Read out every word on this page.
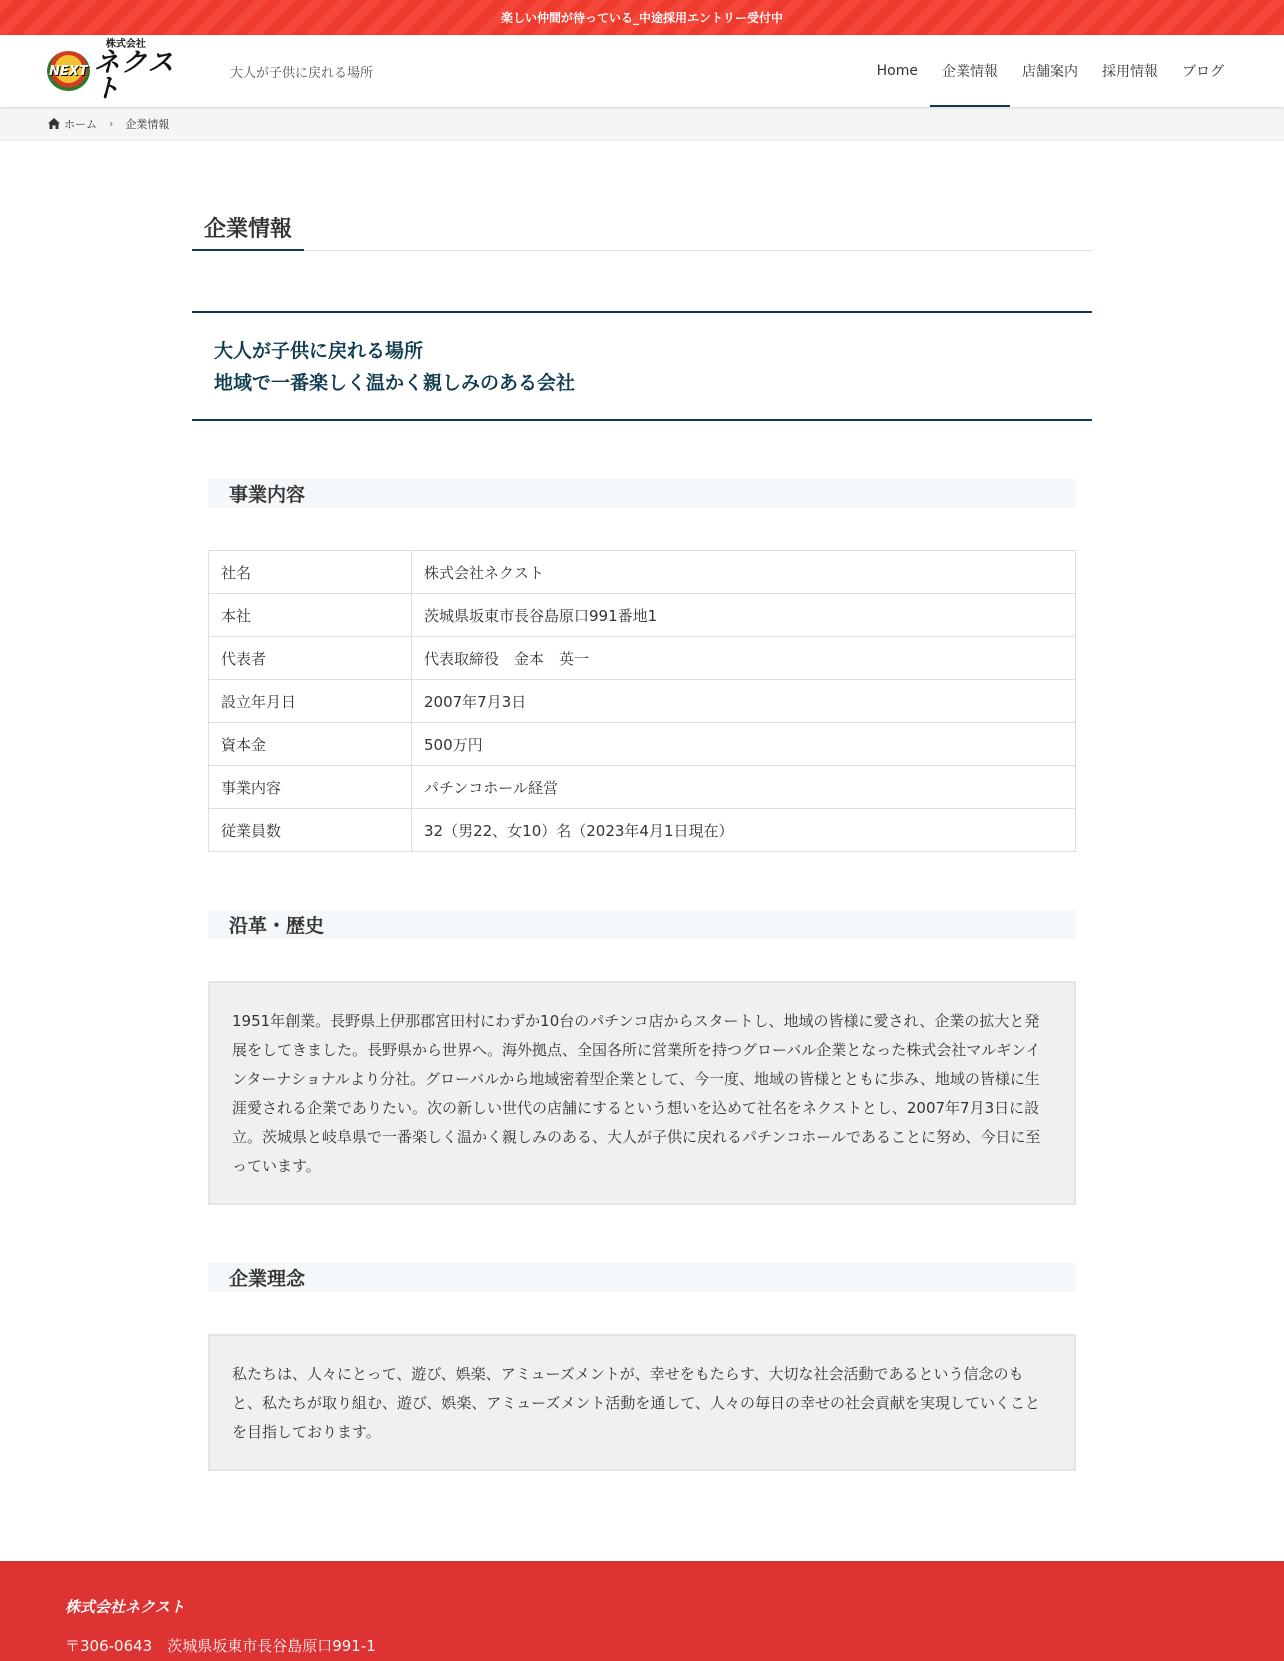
楽しい仲間が待っている_中途採用エントリー受付中
NEXT
株式会社
ネクスト
大人が子供に戻れる場所	Home	企業情報	店舗案内	採用情報	ブログ
ホーム › 企業情報
企業情報
大人が子供に戻れる場所
地域で一番楽しく温かく親しみのある会社
事業内容
社名	株式会社ネクスト
本社	茨城県坂東市長谷島原口991番地1
代表者	代表取締役　金本　英一
設立年月日	2007年7月3日
資本金	500万円
事業内容	パチンコホール経営
従業員数	32（男22、女10）名（2023年4月1日現在）
沿革・歴史
1951年創業。長野県上伊那郡宮田村にわずか10台のパチンコ店からスタートし、地域の皆様に愛され、企業の拡大と発展をしてきました。長野県から世界へ。海外拠点、全国各所に営業所を持つグローバル企業となった株式会社マルギンインターナショナルより分社。グローバルから地域密着型企業として、今一度、地域の皆様とともに歩み、地域の皆様に生涯愛される企業でありたい。次の新しい世代の店舗にするという想いを込めて社名をネクストとし、2007年7月3日に設立。茨城県と岐阜県で一番楽しく温かく親しみのある、大人が子供に戻れるパチンコホールであることに努め、今日に至っています。
企業理念
私たちは、人々にとって、遊び、娯楽、アミューズメントが、幸せをもたらす、大切な社会活動であるという信念のもと、私たちが取り組む、遊び、娯楽、アミューズメント活動を通して、人々の毎日の幸せの社会貢献を実現していくことを目指しております。
株式会社ネクスト
〒306-0643　茨城県坂東市長谷島原口991-1
